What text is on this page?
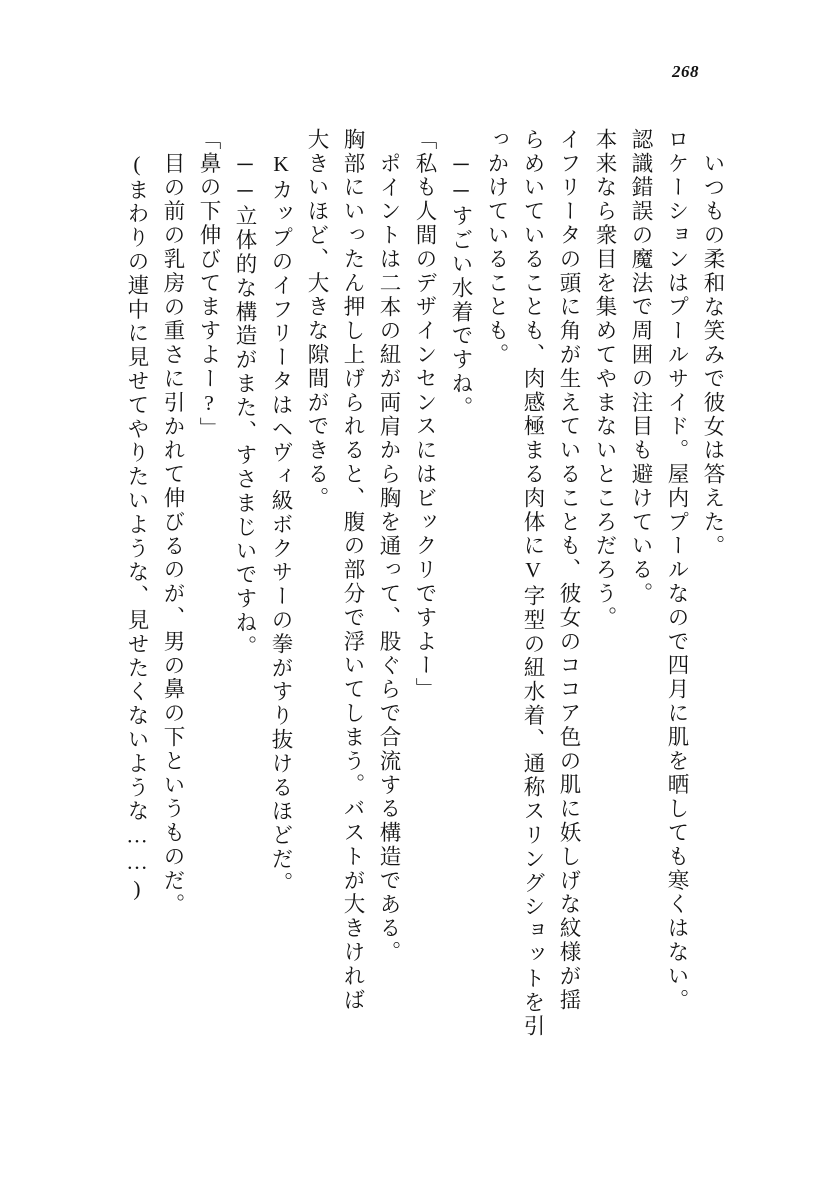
268
いつもの柔和な笑みで彼女は答えた。
ロケーションはプールサイド。屋内プールなので四月に肌を晒しても寒くはない。
認識錯誤の魔法で周囲の注目も避けている。
本来なら衆目を集めてやまないところだろう。
イフリータの頭に角が生えていることも、彼女のココア色の肌に妖しげな紋様が揺
らめいていることも、肉感極まる肉体にV字型の紐水着、通称スリングショットを引
っかけていることも。
──すごい水着ですね。
「私も人間のデザインセンスにはビックリですよー」
ポイントは二本の紐が両肩から胸を通って、股ぐらで合流する構造である。
胸部にいったん押し上げられると、腹の部分で浮いてしまう。バストが大きければ
大きいほど、大きな隙間ができる。
Kカップのイフリータはヘヴィ級ボクサーの拳がすり抜けるほどだ。
──立体的な構造がまた、すさまじいですね。
「鼻の下伸びてますよー?」
目の前の乳房の重さに引かれて伸びるのが、男の鼻の下というものだ。
(まわりの連中に見せてやりたいような、見せたくないような……)
